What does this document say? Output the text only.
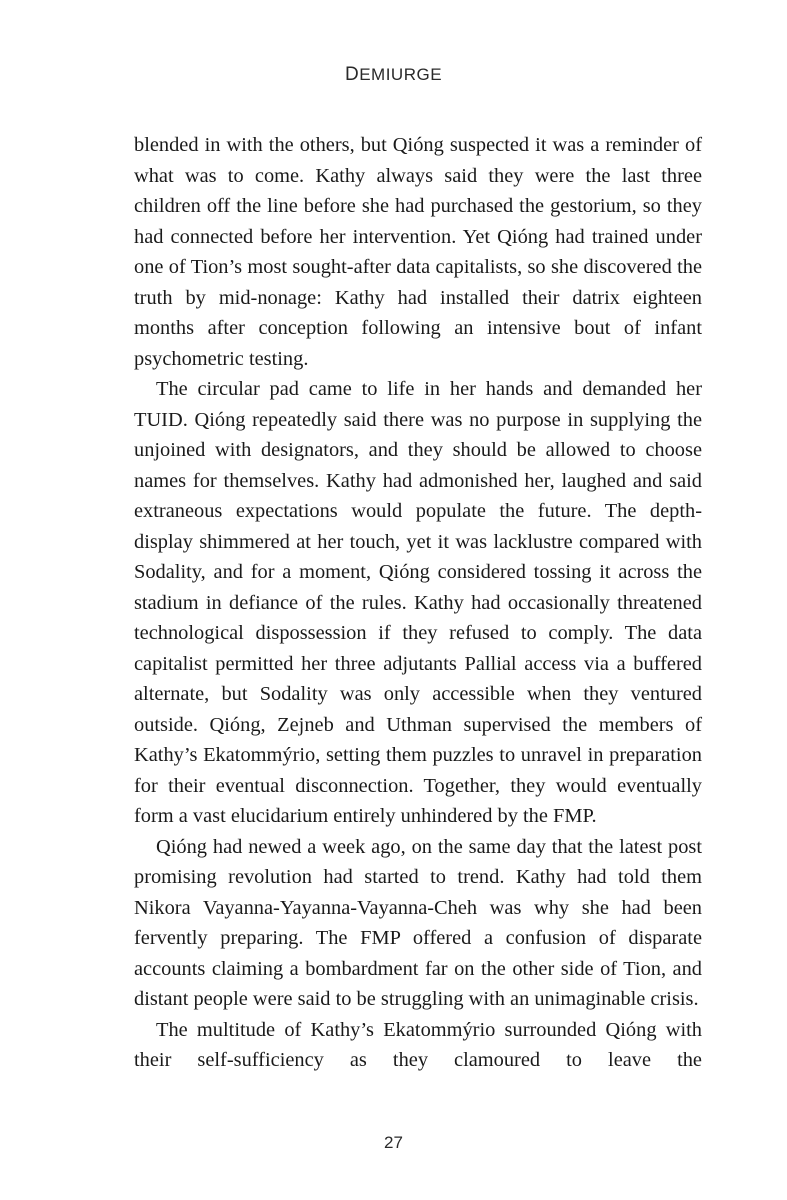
DEMIURGE

blended in with the others, but Qióng suspected it was a reminder of what was to come. Kathy always said they were the last three children off the line before she had purchased the gestorium, so they had connected before her intervention. Yet Qióng had trained under one of Tion’s most sought-after data capitalists, so she discovered the truth by mid-nonage: Kathy had installed their datrix eighteen months after conception following an intensive bout of infant psychometric testing.

The circular pad came to life in her hands and demanded her TUID. Qióng repeatedly said there was no purpose in supplying the unjoined with designators, and they should be allowed to choose names for themselves. Kathy had admonished her, laughed and said extraneous expectations would populate the future. The depth-display shimmered at her touch, yet it was lacklustre compared with Sodality, and for a moment, Qióng considered tossing it across the stadium in defiance of the rules. Kathy had occasionally threatened technological dispossession if they refused to comply. The data capitalist permitted her three adjutants Pallial access via a buffered alternate, but Sodality was only accessible when they ventured outside. Qióng, Zejneb and Uthman supervised the members of Kathy’s Ekatommýrio, setting them puzzles to unravel in preparation for their eventual disconnection. Together, they would eventually form a vast elucidarium entirely unhindered by the FMP.

Qióng had newed a week ago, on the same day that the latest post promising revolution had started to trend. Kathy had told them Nikora Vayanna-Yayanna-Vayanna-Cheh was why she had been fervently preparing. The FMP offered a confusion of disparate accounts claiming a bombardment far on the other side of Tion, and distant people were said to be struggling with an unimaginable crisis.

The multitude of Kathy’s Ekatommýrio surrounded Qióng with their self-sufficiency as they clamoured to leave the

27
